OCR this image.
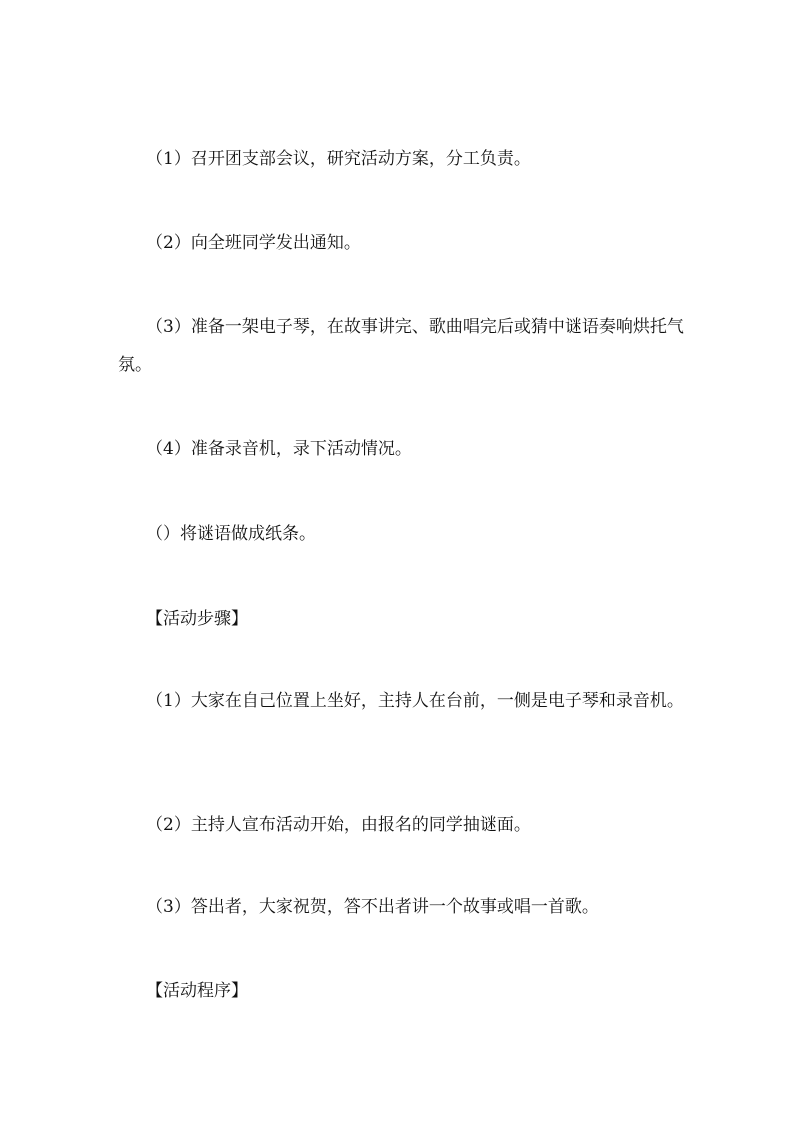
（1）召开团支部会议，研究活动方案，分工负责。

（2）向全班同学发出通知。

（3）准备一架电子琴，在故事讲完、歌曲唱完后或猜中谜语奏响烘托气氛。

（4）准备录音机，录下活动情况。

（）将谜语做成纸条。

【活动步骤】

（1）大家在自己位置上坐好，主持人在台前，一侧是电子琴和录音机。

（2）主持人宣布活动开始，由报名的同学抽谜面。

（3）答出者，大家祝贺，答不出者讲一个故事或唱一首歌。

【活动程序】
